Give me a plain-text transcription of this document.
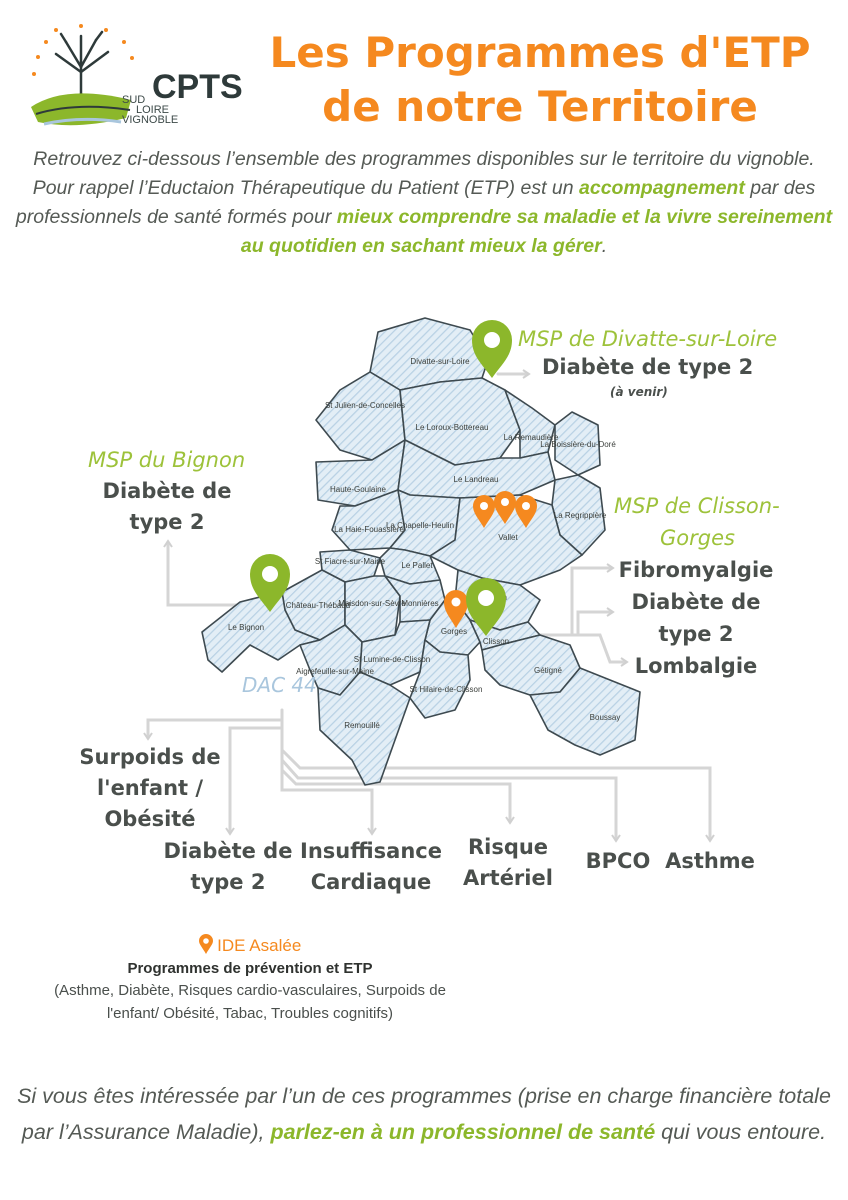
CPTS
SUD
LOIRE
VIGNOBLE
Les Programmes d'ETP
de notre Territoire
Retrouvez ci-dessous l’ensemble des programmes disponibles sur le territoire du vignoble. Pour rappel l’Eductaion Thérapeutique du Patient (ETP) est un accompagnement par des professionnels de santé formés pour mieux comprendre sa maladie et la vivre sereinement au quotidien en sachant mieux la gérer.
Divatte-sur-Loire
St Julien-de-Concelles
Le Loroux-Bottereau
La Remaudière
La Boissière-du-Doré
Haute-Goulaine
Le Landreau
La Regrippière
La Haie-Fouassière
La Chapelle-Heulin
Vallet
St Fiacre-sur-Maine Le Pallet
Château-Thébaud
Maisdon-sur-Sèvre
Monnières
Le Bignon	Gorges
Clisson
Aigrefeuille-sur-Maine
St Lumine-de-Clisson
St Hilaire-de-Clisson
Gétigné
Remouillé
Boussay
MSP de Divatte-sur-Loire
Diabète de type 2
(à venir)
MSP du Bignon
Diabète de
type 2
MSP de Clisson-
Gorges
Fibromyalgie
Diabète de
type 2
Lombalgie
DAC 44
Surpoids de
l'enfant /
Obésité
Diabète de
type 2
Insuffisance
Cardiaque
Risque
Artériel
BPCO Asthme
IDE Asalée
Programmes de prévention et ETP
(Asthme, Diabète, Risques cardio-vasculaires, Surpoids de
l'enfant/ Obésité, Tabac, Troubles cognitifs)
Si vous êtes intéressée par l’un de ces programmes (prise en charge financière totale par l’Assurance Maladie), parlez-en à un professionnel de santé qui vous entoure.
